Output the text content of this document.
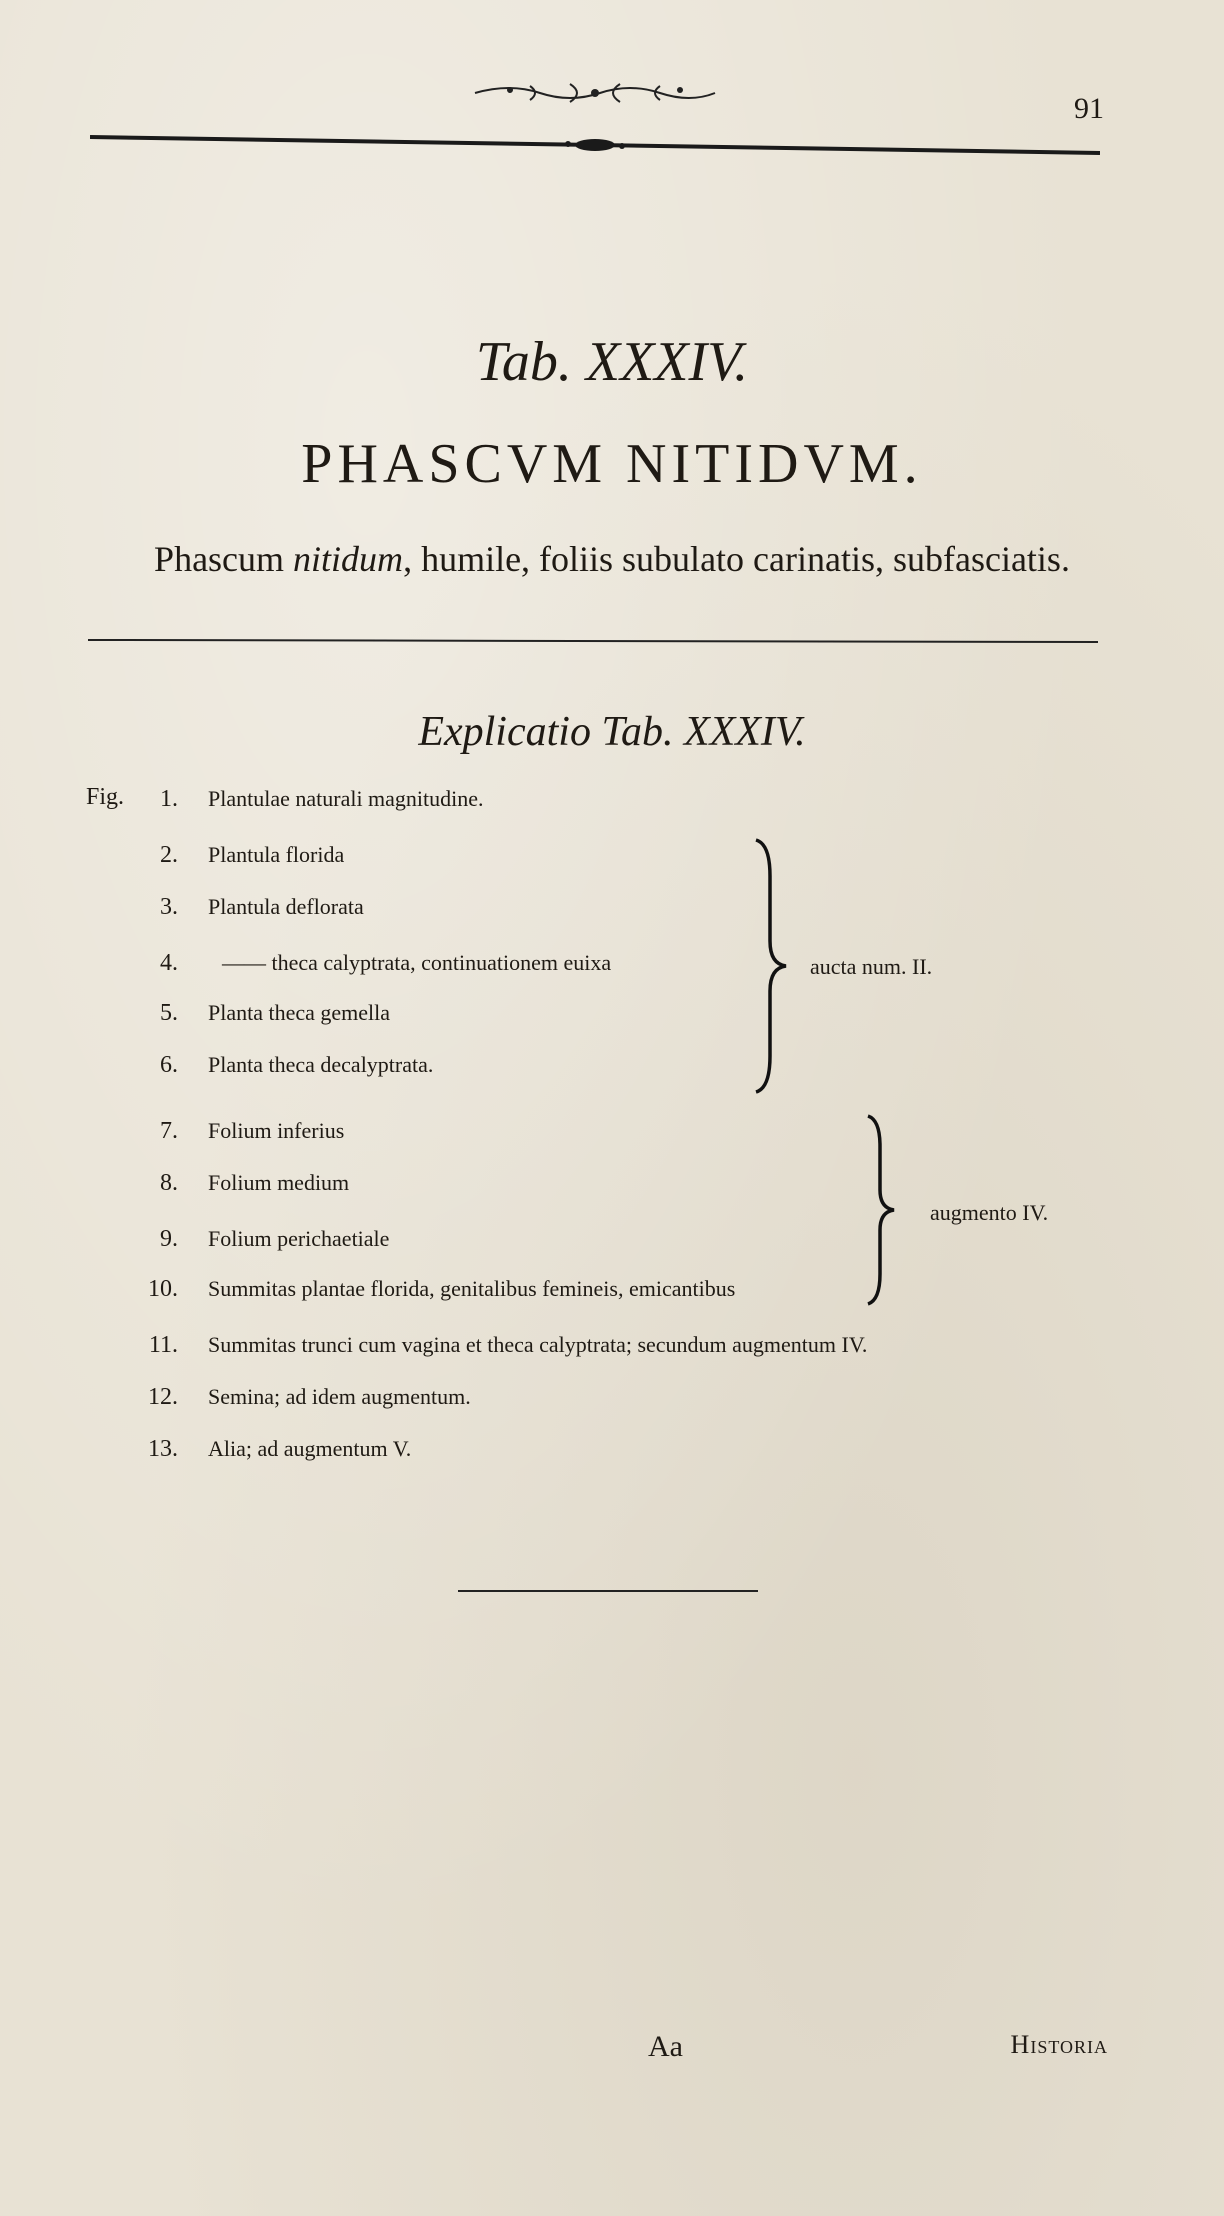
91
Tab. XXXIV.
PHASCVM NITIDVM.
Phascum nitidum, humile, foliis subulato carinatis, subfasciatis.
Explicatio Tab. XXXIV.
Fig.	1. Plantulae naturali magnitudine.
2. Plantula florida
3. Plantula deflorata
4. —— theca calyptrata, continuationem euixa
5. Planta theca gemella
6. Planta theca decalyptrata.
7. Folium inferius
8. Folium medium
9. Folium perichaetiale
10. Summitas plantae florida, genitalibus femineis, emicantibus
11. Summitas trunci cum vagina et theca calyptrata; secundum augmentum IV.
12. Semina; ad idem augmentum.
13. Alia; ad augmentum V.
aucta num. II.
augmento IV.
Aa	Historia
